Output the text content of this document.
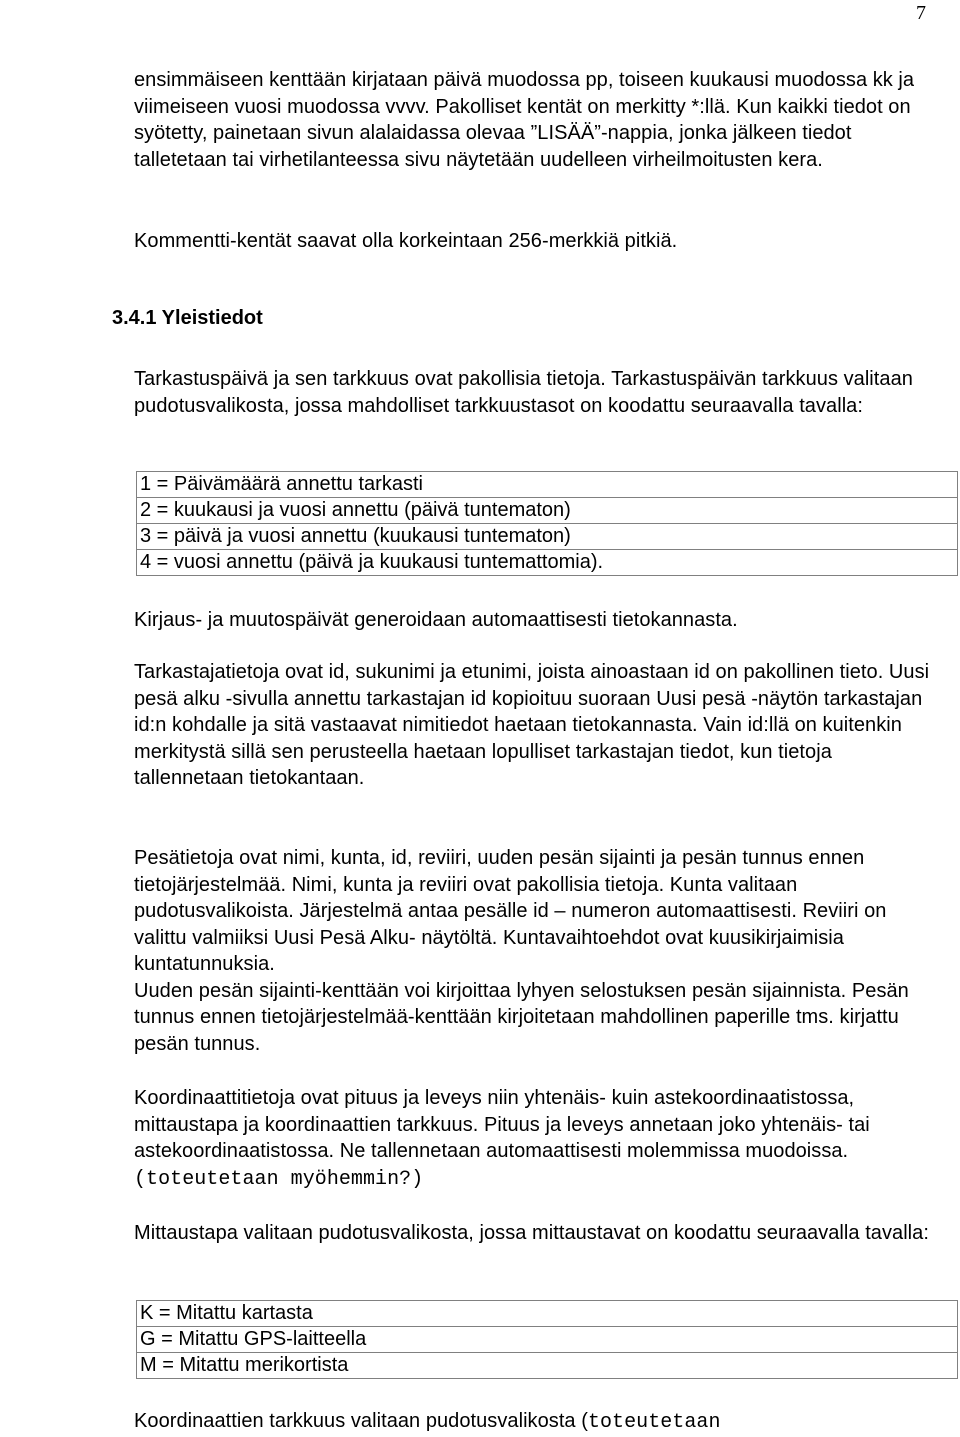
7

ensimmäiseen kenttään kirjataan päivä muodossa pp, toiseen kuukausi muodossa kk ja viimeiseen vuosi muodossa vvvv. Pakolliset kentät on merkitty *:llä. Kun kaikki tiedot on syötetty, painetaan sivun alalaidassa olevaa ”LISÄÄ”-nappia, jonka jälkeen tiedot talletetaan tai virhetilanteessa sivu näytetään uudelleen virheilmoitusten kera.

Kommentti-kentät saavat olla korkeintaan 256-merkkiä pitkiä.

3.4.1 Yleistiedot

Tarkastuspäivä ja sen tarkkuus ovat pakollisia tietoja. Tarkastuspäivän tarkkuus valitaan pudotusvalikosta, jossa mahdolliset tarkkuustasot on koodattu seuraavalla tavalla:

1 = Päivämäärä annettu tarkasti
2 = kuukausi ja vuosi annettu (päivä tuntematon)
3 = päivä ja vuosi annettu (kuukausi tuntematon)
4 = vuosi annettu (päivä ja kuukausi tuntemattomia).

Kirjaus- ja muutospäivät generoidaan automaattisesti tietokannasta.

Tarkastajatietoja ovat id, sukunimi ja etunimi, joista ainoastaan id on pakollinen tieto. Uusi pesä alku -sivulla annettu tarkastajan id kopioituu suoraan Uusi pesä -näytön tarkastajan id:n kohdalle ja sitä vastaavat nimitiedot haetaan tietokannasta. Vain id:llä on kuitenkin merkitystä sillä sen perusteella haetaan lopulliset tarkastajan tiedot, kun tietoja tallennetaan tietokantaan.

Pesätietoja ovat nimi, kunta, id, reviiri, uuden pesän sijainti ja pesän tunnus ennen tietojärjestelmää. Nimi, kunta ja reviiri ovat pakollisia tietoja. Kunta valitaan pudotusvalikoista. Järjestelmä antaa pesälle id – numeron automaattisesti. Reviiri on valittu valmiiksi Uusi Pesä Alku- näytöltä. Kuntavaihtoehdot ovat kuusikirjaimisia kuntatunnuksia.

Uuden pesän sijainti-kenttään voi kirjoittaa lyhyen selostuksen pesän sijainnista. Pesän tunnus ennen tietojärjestelmää-kenttään kirjoitetaan mahdollinen paperille tms. kirjattu pesän tunnus.

Koordinaattitietoja ovat pituus ja leveys niin yhtenäis- kuin astekoordinaatistossa, mittaustapa ja koordinaattien tarkkuus. Pituus ja leveys annetaan joko yhtenäis- tai astekoordinaatistossa. Ne tallennetaan automaattisesti molemmissa muodoissa. (toteutetaan myöhemmin?)

Mittaustapa valitaan pudotusvalikosta, jossa mittaustavat on koodattu seuraavalla tavalla:

K = Mitattu kartasta
G = Mitattu GPS-laitteella
M = Mitattu merikortista

Koordinaattien tarkkuus valitaan pudotusvalikosta (toteutetaan
